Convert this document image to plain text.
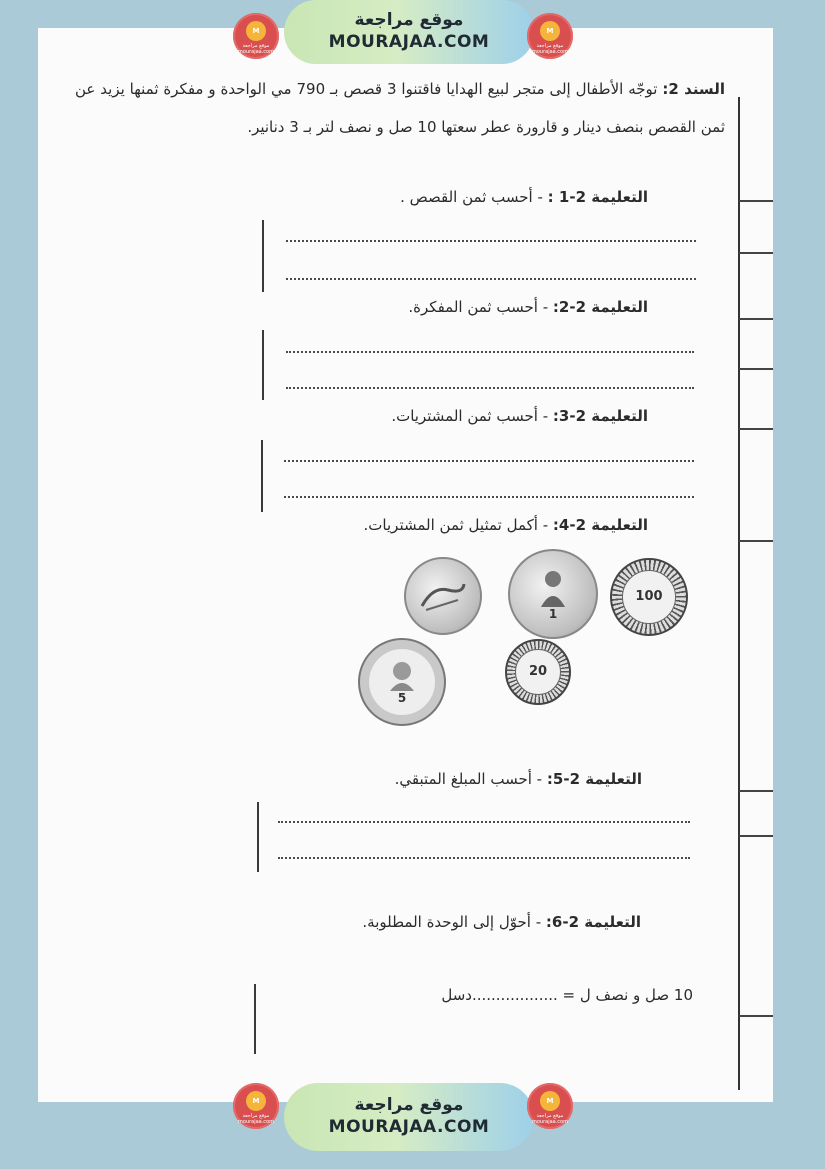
M
موقع مراجعة mourajaa.com
موقع مراجعة
MOURAJAA.COM
M
موقع مراجعة mourajaa.com
السند 2: توجّه الأطفال إلى متجر لبيع الهدايا فاقتنوا 3 قصص بـ 790 مي الواحدة و مفكرة ثمنها يزيد عن ثمن القصص بنصف دينار و قارورة عطر سعتها 10 صل و نصف لتر بـ 3 دنانير.
التعليمة 2-1 : - أحسب ثمن القصص .
التعليمة 2-2: - أحسب ثمن المفكرة.
التعليمة 2-3: - أحسب ثمن المشتريات.
التعليمة 2-4: - أكمل تمثيل ثمن المشتريات.
1
100
5
20
التعليمة 2-5: - أحسب المبلغ المتبقي.
التعليمة 2-6: - أحوّل إلى الوحدة المطلوبة.
10 صل و نصف ل = ..................دسل
M
موقع مراجعة mourajaa.com
موقع مراجعة
MOURAJAA.COM
M
موقع مراجعة mourajaa.com
